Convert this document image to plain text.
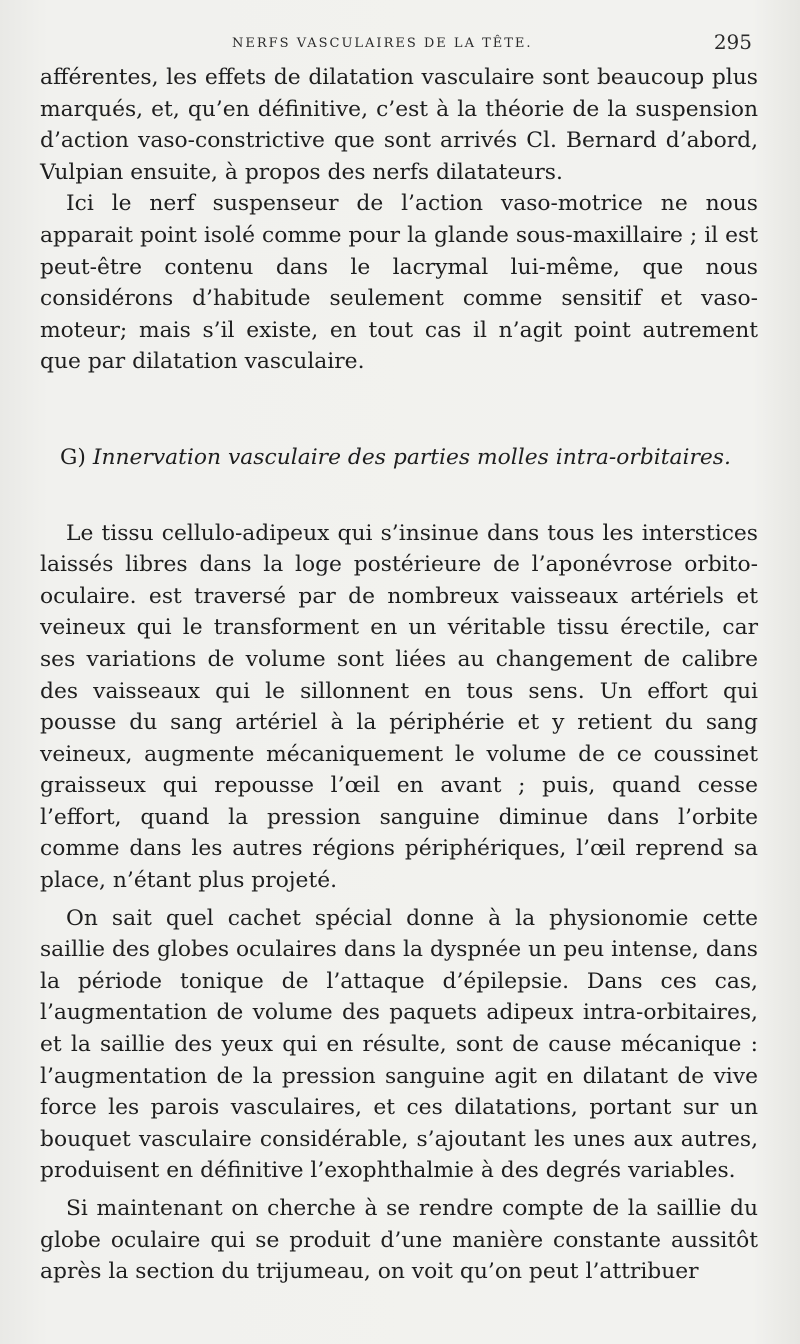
NERFS VASCULAIRES DE LA TÊTE.	295

afférentes, les effets de dilatation vasculaire sont beaucoup plus marqués, et, qu’en définitive, c’est à la théorie de la suspension d’action vaso-constrictive que sont arrivés Cl. Bernard d’abord, Vulpian ensuite, à propos des nerfs dilatateurs.

Ici le nerf suspenseur de l’action vaso-motrice ne nous apparait point isolé comme pour la glande sous-maxillaire ; il est peut-être contenu dans le lacrymal lui-même, que nous considérons d’habitude seulement comme sensitif et vaso-moteur; mais s’il existe, en tout cas il n’agit point autrement que par dilatation vasculaire.

G) Innervation vasculaire des parties molles intra-orbitaires.

Le tissu cellulo-adipeux qui s’insinue dans tous les interstices laissés libres dans la loge postérieure de l’aponévrose orbito-oculaire. est traversé par de nombreux vaisseaux artériels et veineux qui le transforment en un véritable tissu érectile, car ses variations de volume sont liées au changement de calibre des vaisseaux qui le sillonnent en tous sens. Un effort qui pousse du sang artériel à la périphérie et y retient du sang veineux, augmente mécaniquement le volume de ce coussinet graisseux qui repousse l’œil en avant ; puis, quand cesse l’effort, quand la pression sanguine diminue dans l’orbite comme dans les autres régions périphériques, l’œil reprend sa place, n’étant plus projeté.

On sait quel cachet spécial donne à la physionomie cette saillie des globes oculaires dans la dyspnée un peu intense, dans la période tonique de l’attaque d’épilepsie. Dans ces cas, l’augmentation de volume des paquets adipeux intra-orbitaires, et la saillie des yeux qui en résulte, sont de cause mécanique : l’augmentation de la pression sanguine agit en dilatant de vive force les parois vasculaires, et ces dilatations, portant sur un bouquet vasculaire considérable, s’ajoutant les unes aux autres, produisent en définitive l’exophthalmie à des degrés variables.

Si maintenant on cherche à se rendre compte de la saillie du globe oculaire qui se produit d’une manière constante aussitôt après la section du trijumeau, on voit qu’on peut l’attribuer
